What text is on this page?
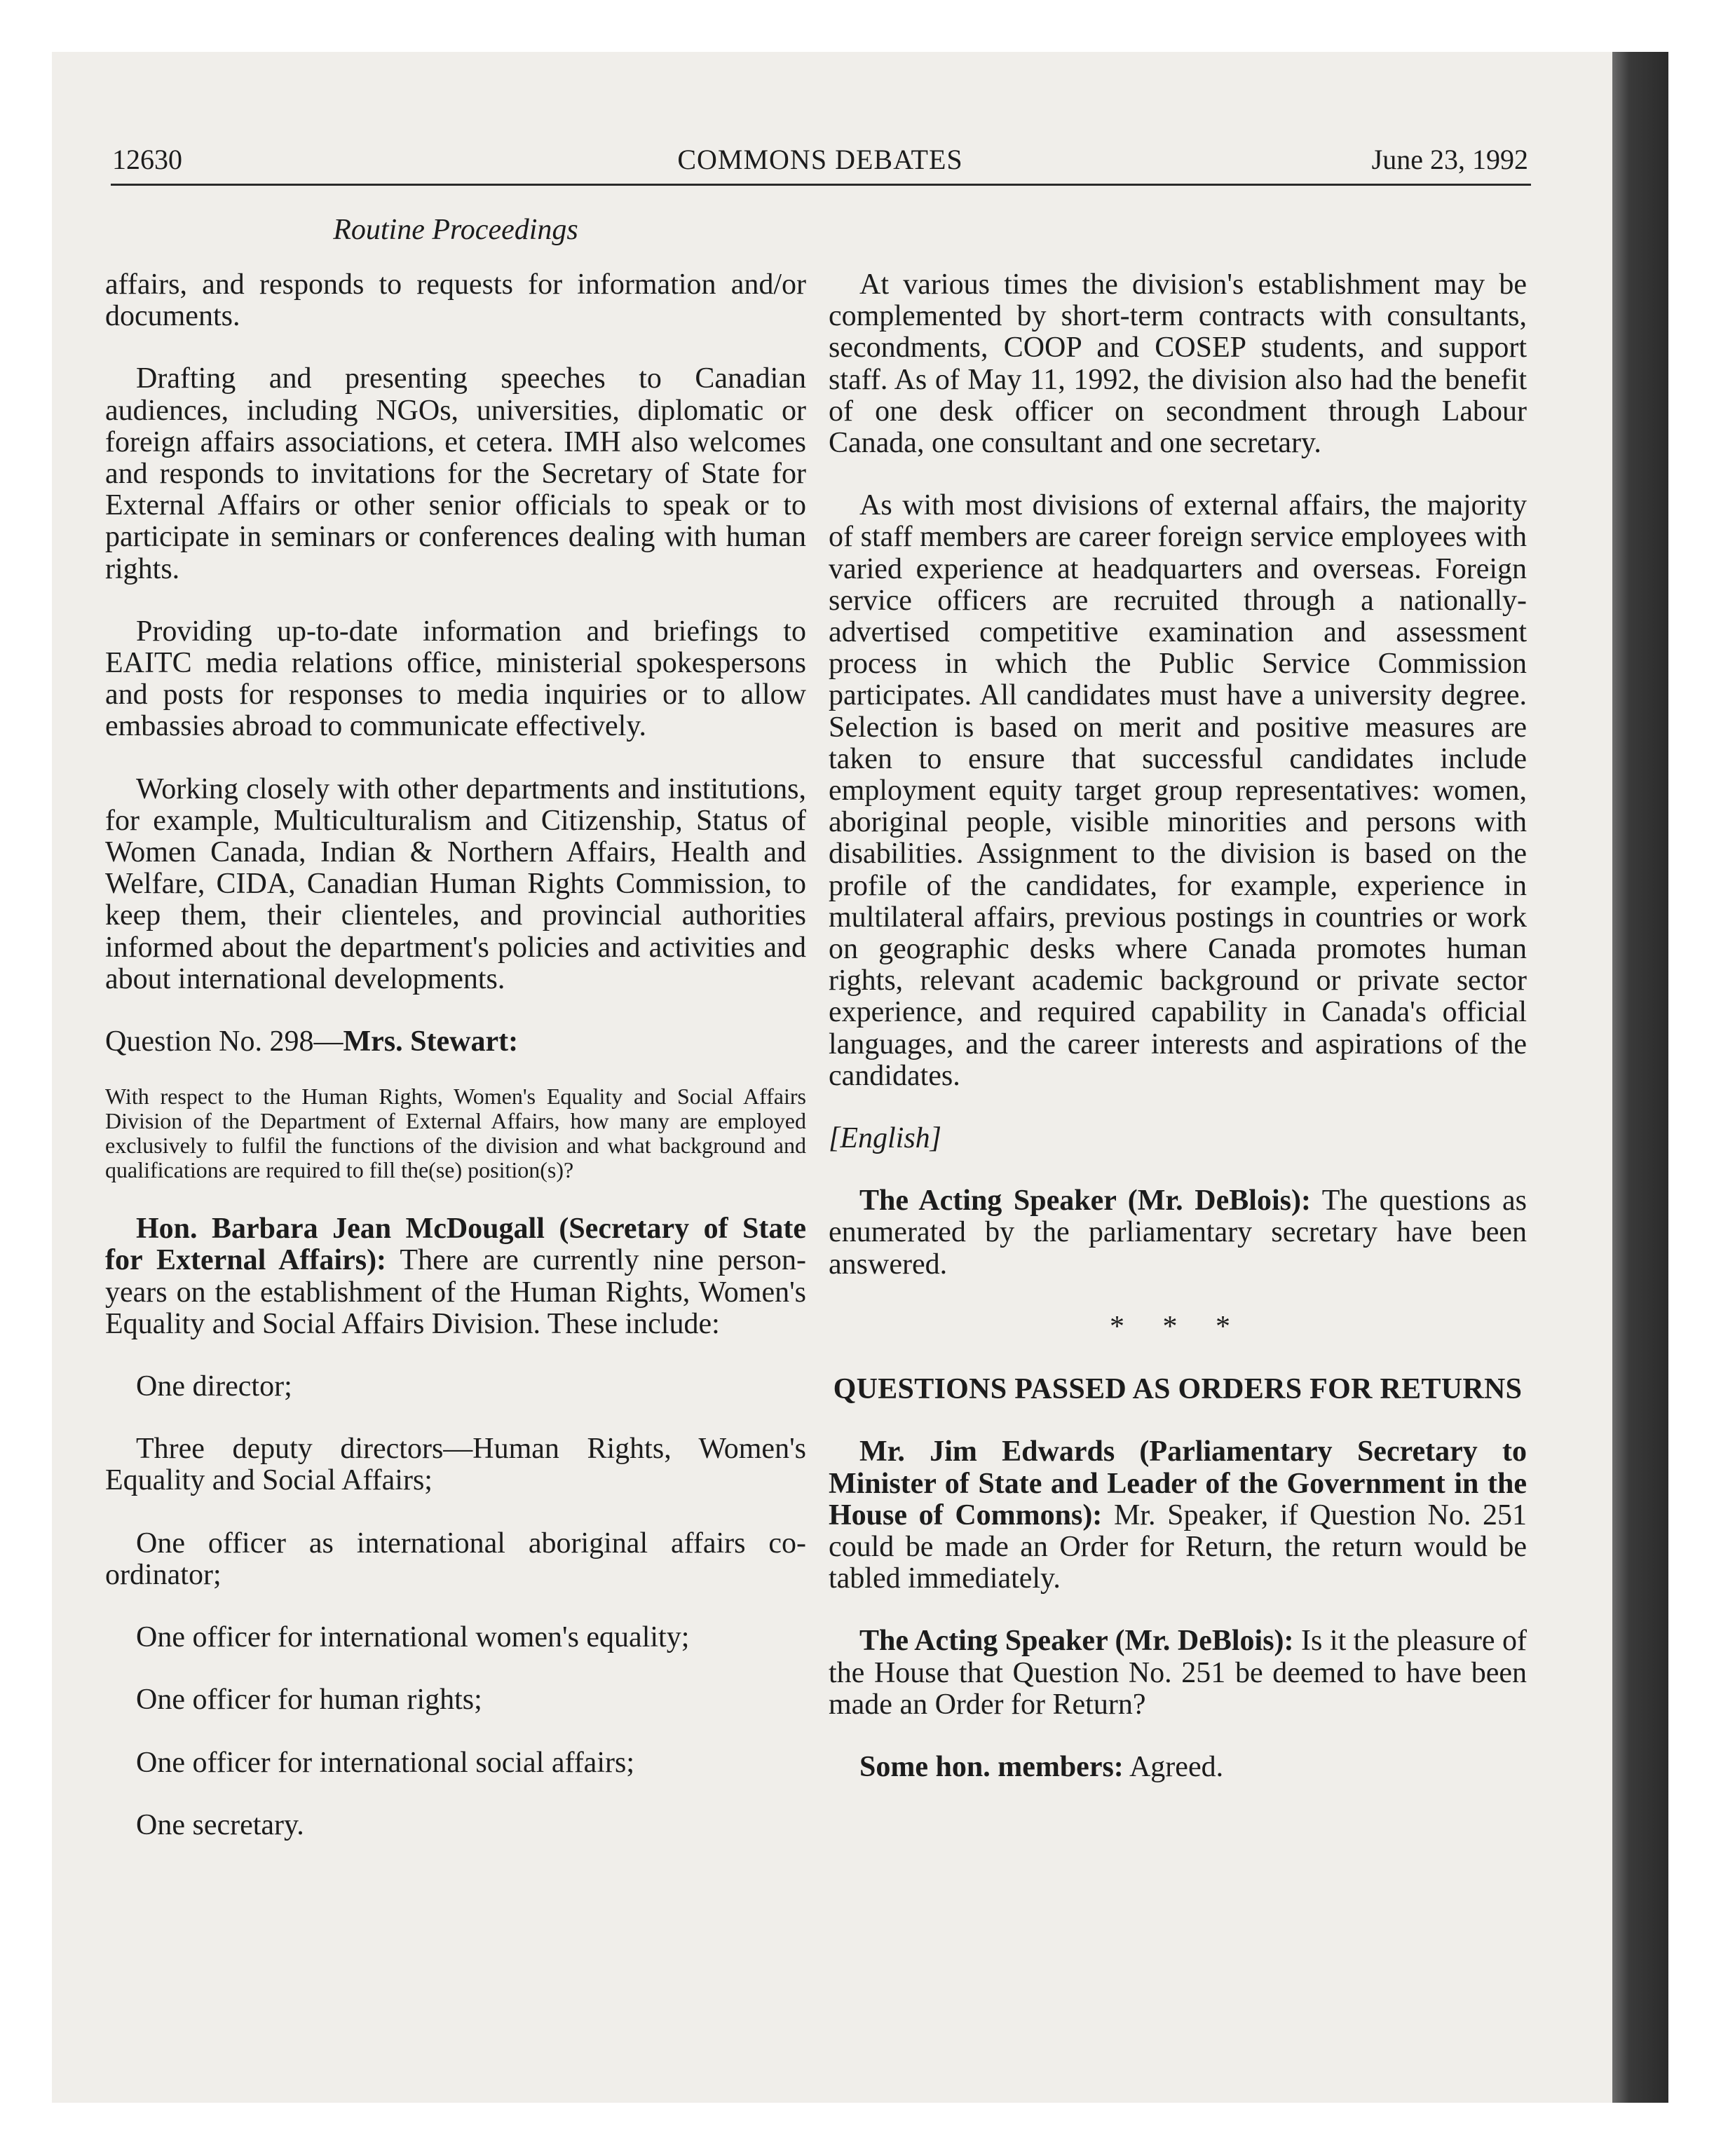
12630	COMMONS DEBATES	June 23, 1992
Routine Proceedings

affairs, and responds to requests for information and/or documents.

Drafting and presenting speeches to Canadian audiences, including NGOs, universities, diplomatic or foreign affairs associations, et cetera. IMH also welcomes and responds to invitations for the Secretary of State for External Affairs or other senior officials to speak or to participate in seminars or conferences dealing with human rights.

Providing up-to-date information and briefings to EAITC media relations office, ministerial spokespersons and posts for responses to media inquiries or to allow embassies abroad to communicate effectively.

Working closely with other departments and institutions, for example, Multiculturalism and Citizenship, Status of Women Canada, Indian & Northern Affairs, Health and Welfare, CIDA, Canadian Human Rights Commission, to keep them, their clienteles, and provincial authorities informed about the department's policies and activities and about international developments.

Question No. 298—Mrs. Stewart:

With respect to the Human Rights, Women's Equality and Social Affairs Division of the Department of External Affairs, how many are employed exclusively to fulfil the functions of the division and what background and qualifications are required to fill the(se) position(s)?

Hon. Barbara Jean McDougall (Secretary of State for External Affairs): There are currently nine person-years on the establishment of the Human Rights, Women's Equality and Social Affairs Division. These include:

One director;

Three deputy directors—Human Rights, Women's Equality and Social Affairs;

One officer as international aboriginal affairs co-ordinator;

One officer for international women's equality;

One officer for human rights;

One officer for international social affairs;

One secretary.

At various times the division's establishment may be complemented by short-term contracts with consultants, secondments, COOP and COSEP students, and support staff. As of May 11, 1992, the division also had the benefit of one desk officer on secondment through Labour Canada, one consultant and one secretary.

As with most divisions of external affairs, the majority of staff members are career foreign service employees with varied experience at headquarters and overseas. Foreign service officers are recruited through a nationally-advertised competitive examination and assessment process in which the Public Service Commission participates. All candidates must have a university degree. Selection is based on merit and positive measures are taken to ensure that successful candidates include employment equity target group representatives: women, aboriginal people, visible minorities and persons with disabilities. Assignment to the division is based on the profile of the candidates, for example, experience in multilateral affairs, previous postings in countries or work on geographic desks where Canada promotes human rights, relevant academic background or private sector experience, and required capability in Canada's official languages, and the career interests and aspirations of the candidates.

[English]

The Acting Speaker (Mr. DeBlois): The questions as enumerated by the parliamentary secretary have been answered.

* * *

QUESTIONS PASSED AS ORDERS FOR RETURNS

Mr. Jim Edwards (Parliamentary Secretary to Minister of State and Leader of the Government in the House of Commons): Mr. Speaker, if Question No. 251 could be made an Order for Return, the return would be tabled immediately.

The Acting Speaker (Mr. DeBlois): Is it the pleasure of the House that Question No. 251 be deemed to have been made an Order for Return?

Some hon. members: Agreed.
